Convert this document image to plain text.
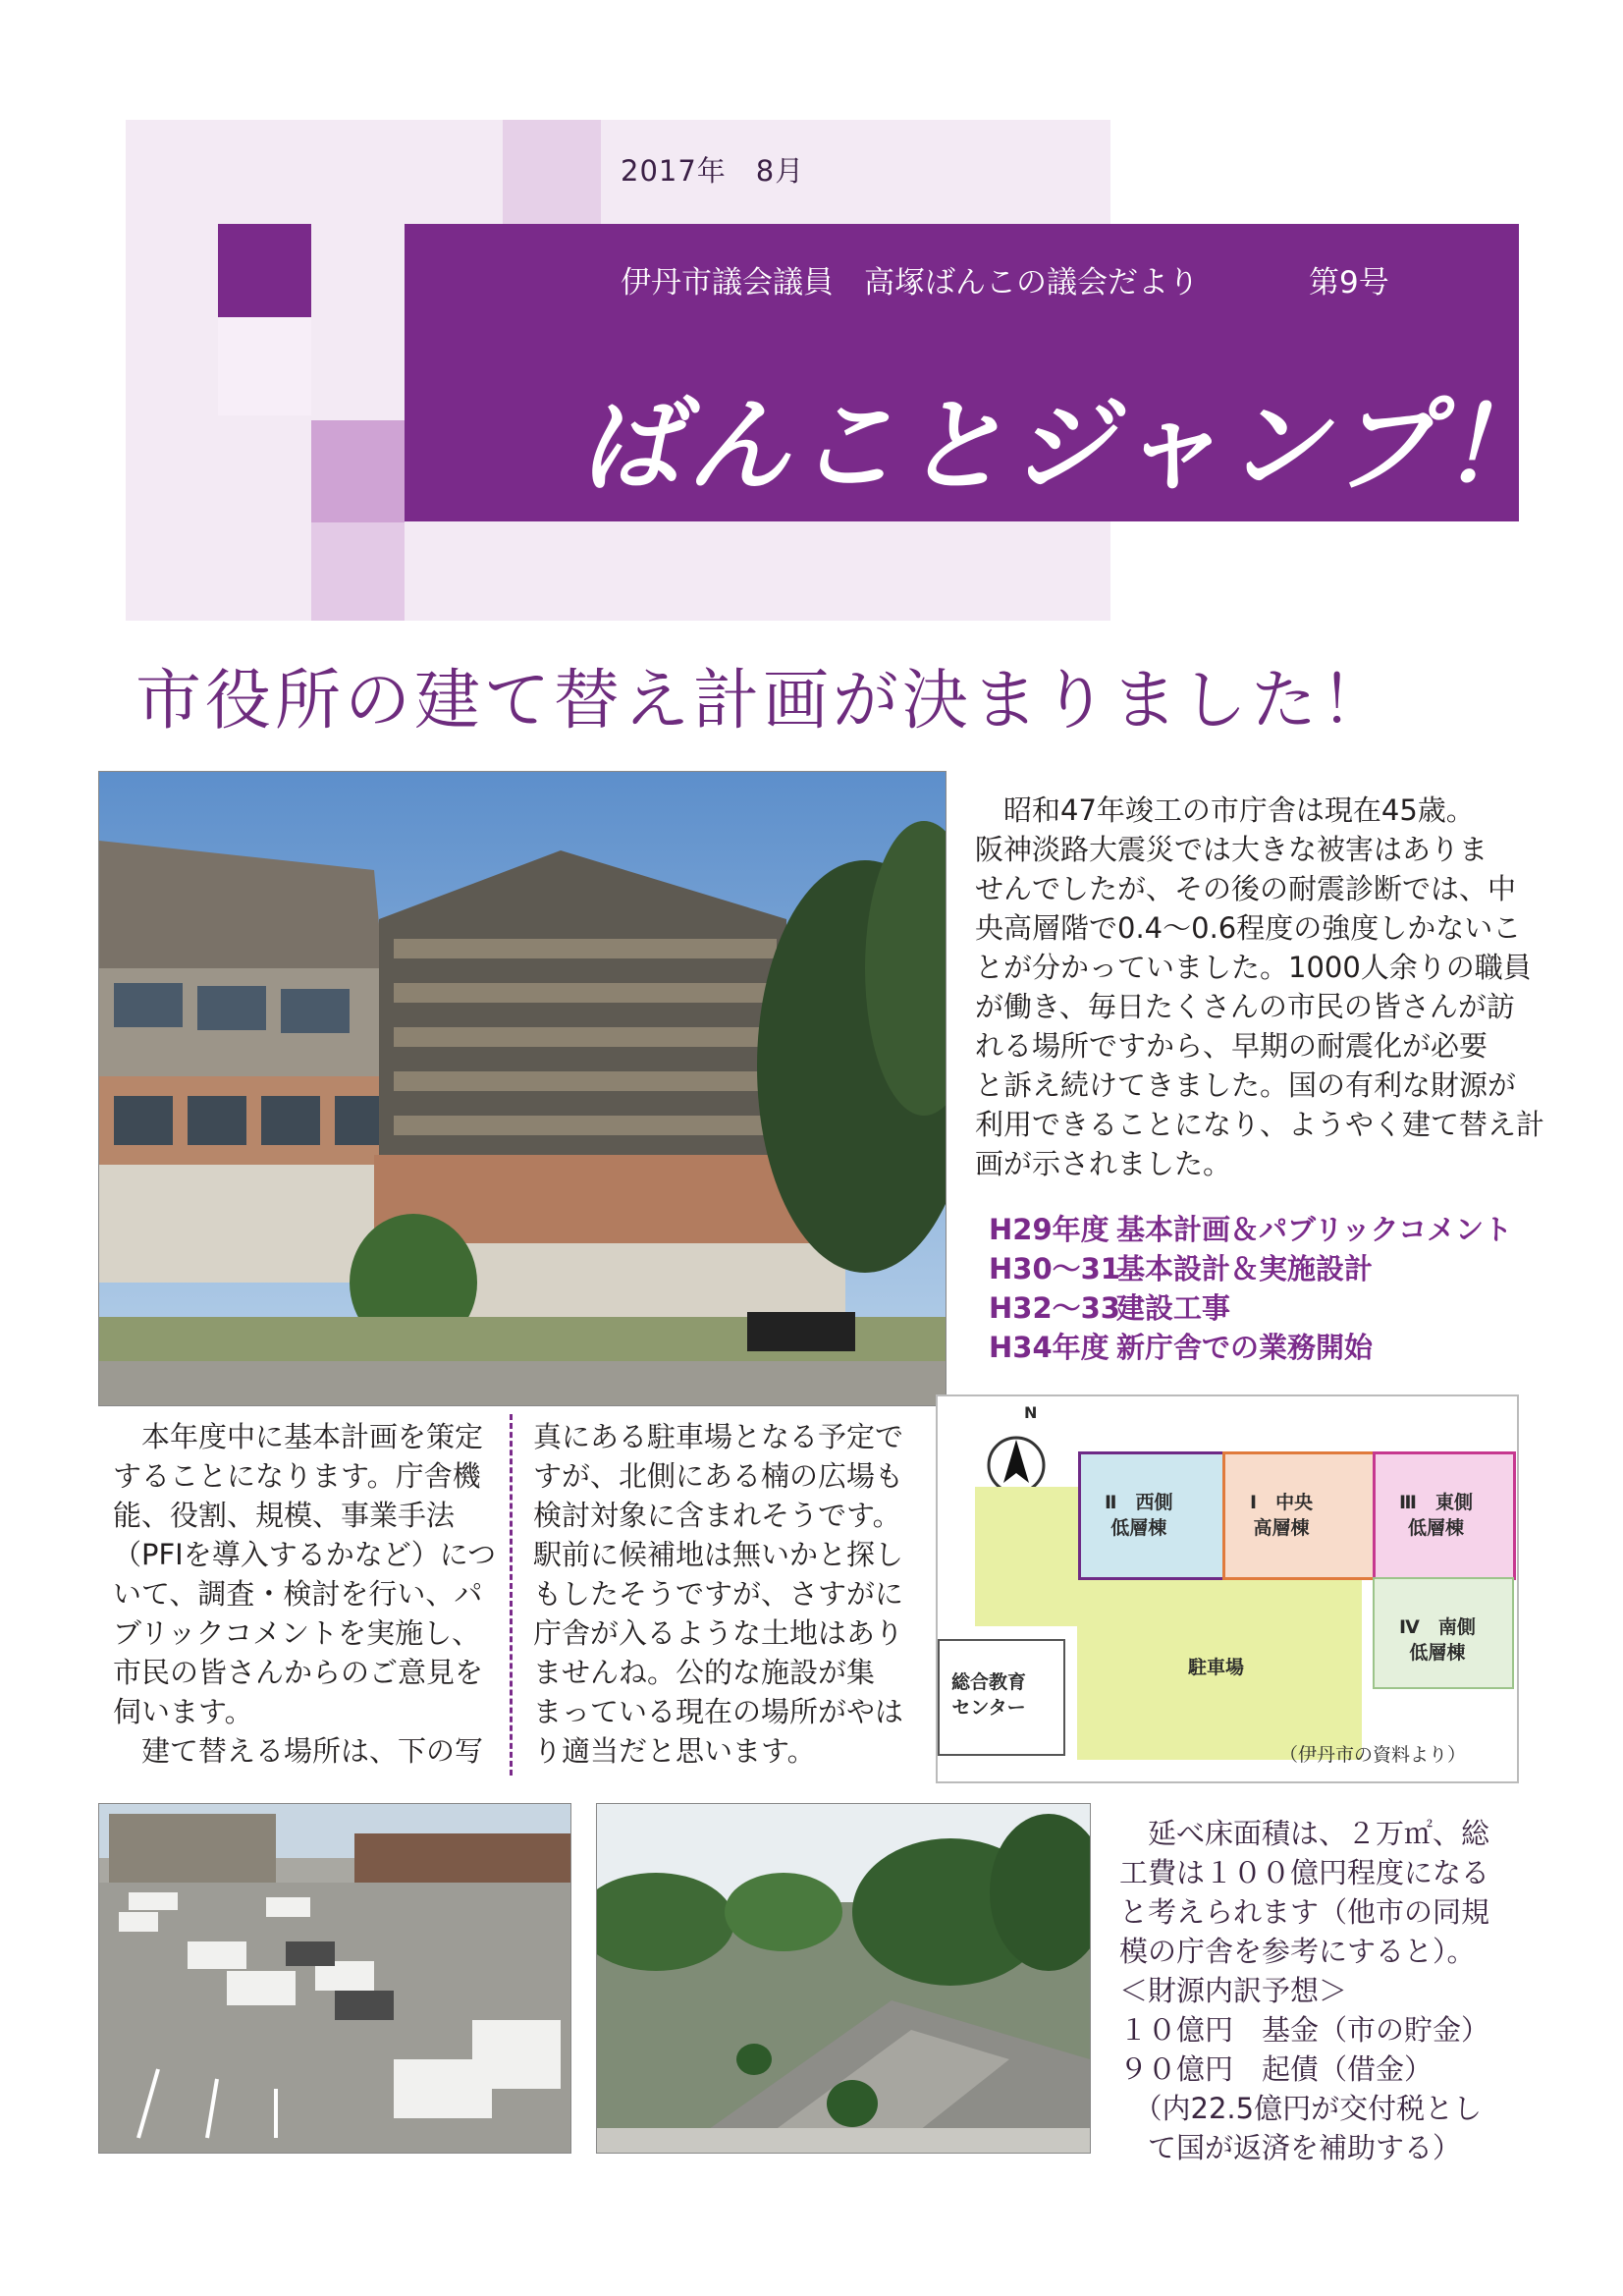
2017年　8月
伊丹市議会議員　高塚ばんこの議会だより	第9号
ばんことジャンプ！
市役所の建て替え計画が決まりました！
　昭和47年竣工の市庁舎は現在45歳。
阪神淡路大震災では大きな被害はありま
せんでしたが、その後の耐震診断では、中
央高層階で0.4～0.6程度の強度しかないこ
とが分かっていました。1000人余りの職員
が働き、毎日たくさんの市民の皆さんが訪
れる場所ですから、早期の耐震化が必要
と訴え続けてきました。国の有利な財源が
利用できることになり、ようやく建て替え計
画が示されました。
H29年度 基本計画＆パブリックコメント
H30～31
基本設計＆実施設計
H32～33
建設工事
H34年度 新庁舎での業務開始
　本年度中に基本計画を策定
することになります。庁舎機
能、役割、規模、事業手法
（PFIを導入するかなど）につ
いて、調査・検討を行い、パ
ブリックコメントを実施し、
市民の皆さんからのご意見を
伺います。
　建て替える場所は、下の写
真にある駐車場となる予定で
すが、北側にある楠の広場も
検討対象に含まれそうです。
駅前に候補地は無いかと探し
もしたそうですが、さすがに
庁舎が入るような土地はあり
ませんね。公的な施設が集
まっている現在の場所がやは
り適当だと思います。
N
Ⅱ　西側
低層棟
Ⅰ　中央
高層棟
Ⅲ　東側
低層棟
Ⅳ　南側
低層棟
駐車場
総合教育
センター
（伊丹市の資料より）
　延べ床面積は、２万㎡、総
工費は１００億円程度になる
と考えられます（他市の同規
模の庁舎を参考にすると）。
＜財源内訳予想＞
１０億円　基金（市の貯金）
９０億円　起債（借金）
　（内22.5億円が交付税とし
　て国が返済を補助する）
